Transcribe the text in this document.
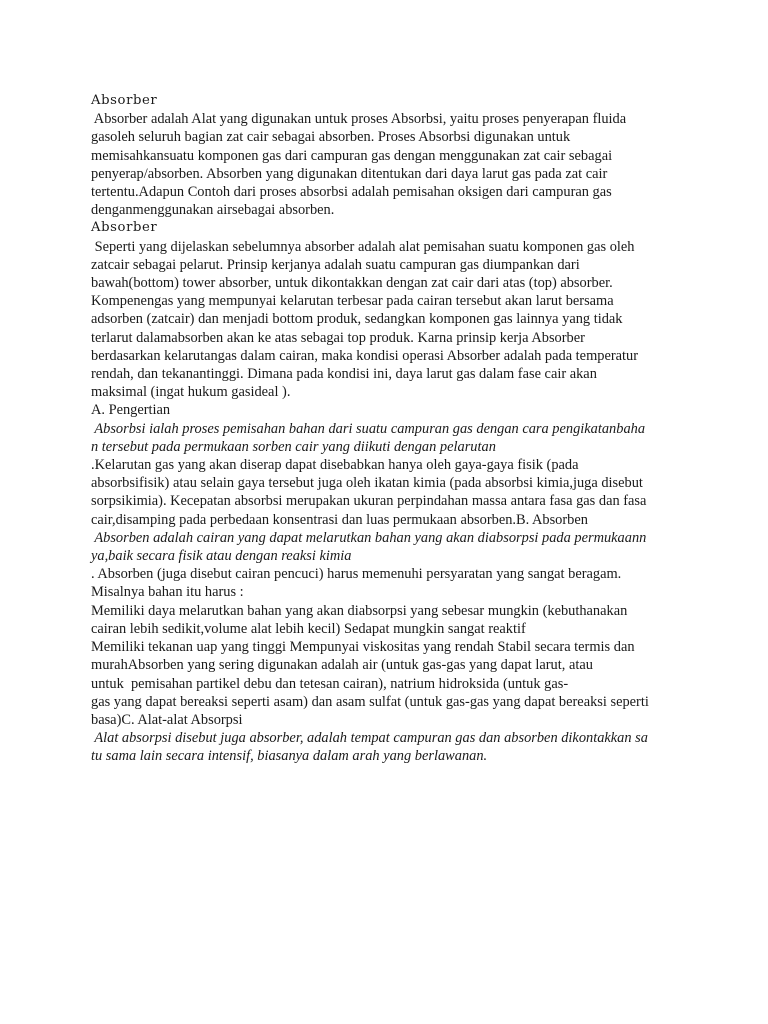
Absorber

Absorber adalah Alat yang digunakan untuk proses Absorbsi, yaitu proses penyerapan fluida

gasoleh seluruh bagian zat cair sebagai absorben. Proses Absorbsi digunakan untuk

memisahkansuatu komponen gas dari campuran gas dengan menggunakan zat cair sebagai

penyerap/absorben. Absorben yang digunakan ditentukan dari daya larut gas pada zat cair

tertentu.Adapun Contoh dari proses absorbsi adalah pemisahan oksigen dari campuran gas

denganmenggunakan airsebagai absorben.

Absorber

Seperti yang dijelaskan sebelumnya absorber adalah alat pemisahan suatu komponen gas oleh

zatcair sebagai pelarut. Prinsip kerjanya adalah suatu campuran gas diumpankan dari

bawah(bottom) tower absorber, untuk dikontakkan dengan zat cair dari atas (top) absorber.

Kompenengas yang mempunyai kelarutan terbesar pada cairan tersebut akan larut bersama

adsorben (zatcair) dan menjadi bottom produk, sedangkan komponen gas lainnya yang tidak

terlarut dalamabsorben akan ke atas sebagai top produk. Karna prinsip kerja Absorber

berdasarkan kelarutangas dalam cairan, maka kondisi operasi Absorber adalah pada temperatur

rendah, dan tekanantinggi. Dimana pada kondisi ini, daya larut gas dalam fase cair akan

maksimal (ingat hukum gasideal ).

A. Pengertian

Absorbsi ialah proses pemisahan bahan dari suatu campuran gas dengan cara pengikatanbaha

n tersebut pada permukaan sorben cair yang diikuti dengan pelarutan

.Kelarutan gas yang akan diserap dapat disebabkan hanya oleh gaya-gaya fisik (pada

absorbsifisik) atau selain gaya tersebut juga oleh ikatan kimia (pada absorbsi kimia,juga disebut

sorpsikimia). Kecepatan absorbsi merupakan ukuran perpindahan massa antara fasa gas dan fasa

cair,disamping pada perbedaan konsentrasi dan luas permukaan absorben.B. Absorben

Absorben adalah cairan yang dapat melarutkan bahan yang akan diabsorpsi pada permukaann

ya,baik secara fisik atau dengan reaksi kimia

. Absorben (juga disebut cairan pencuci) harus memenuhi persyaratan yang sangat beragam.

Misalnya bahan itu harus :

Memiliki daya melarutkan bahan yang akan diabsorpsi yang sebesar mungkin (kebuthanakan

cairan lebih sedikit,volume alat lebih kecil) Sedapat mungkin sangat reaktif

Memiliki tekanan uap yang tinggi Mempunyai viskositas yang rendah Stabil secara termis dan

murahAbsorben yang sering digunakan adalah air (untuk gas-gas yang dapat larut, atau

untuk  pemisahan partikel debu dan tetesan cairan), natrium hidroksida (untuk gas-

gas yang dapat bereaksi seperti asam) dan asam sulfat (untuk gas-gas yang dapat bereaksi seperti

basa)C. Alat-alat Absorpsi

Alat absorpsi disebut juga absorber, adalah tempat campuran gas dan absorben dikontakkan sa

tu sama lain secara intensif, biasanya dalam arah yang berlawanan.
